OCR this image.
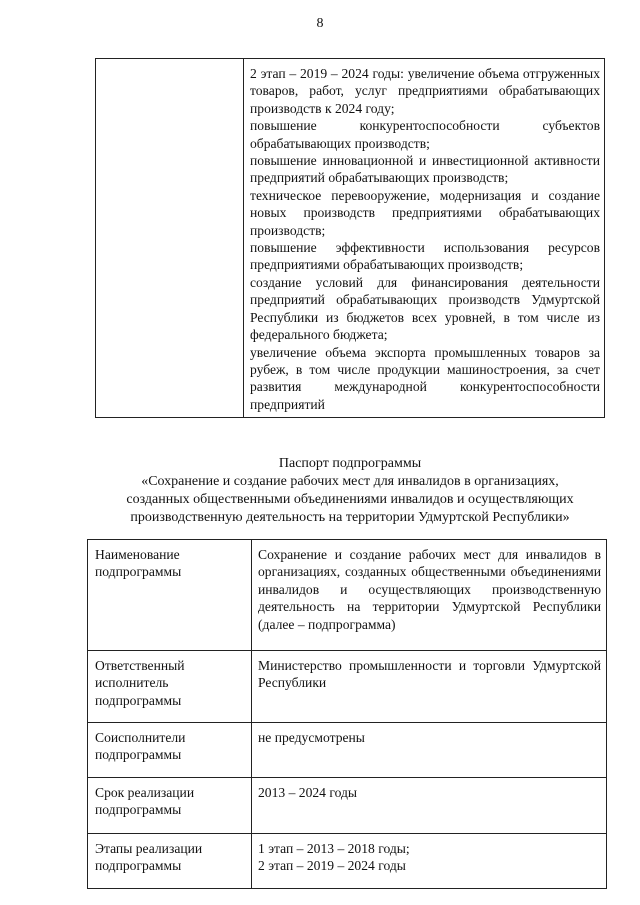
8

2 этап – 2019 – 2024 годы: увеличение объема отгруженных товаров, работ, услуг предприятиями обрабатывающих производств к 2024 году;

повышение конкурентоспособности субъектов обрабатывающих производств;

повышение инновационной и инвестиционной активности предприятий обрабатывающих производств;

техническое перевооружение, модернизация и создание новых производств предприятиями обрабатывающих производств;

повышение эффективности использования ресурсов предприятиями обрабатывающих производств;

создание условий для финансирования деятельности предприятий обрабатывающих производств Удмуртской Республики из бюджетов всех уровней, в том числе из федерального бюджета;

увеличение объема экспорта промышленных товаров за рубеж, в том числе продукции машиностроения, за счет развития международной конкурентоспособности предприятий

Паспорт подпрограммы
«Сохранение и создание рабочих мест для инвалидов в организациях,
созданных общественными объединениями инвалидов и осуществляющих
производственную деятельность на территории Удмуртской Республики»
Наименование подпрограммы	Сохранение и создание рабочих мест для инвалидов в организациях, созданных общественными объединениями инвалидов и осуществляющих производственную деятельность на территории Удмуртской Республики (далее – подпрограмма)
Ответственный исполнитель подпрограммы	Министерство промышленности и торговли Удмуртской Республики
Соисполнители подпрограммы	не предусмотрены
Срок реализации подпрограммы	2013 – 2024 годы
Этапы реализации подпрограммы	1 этап – 2013 – 2018 годы;

2 этап – 2019 – 2024 годы
